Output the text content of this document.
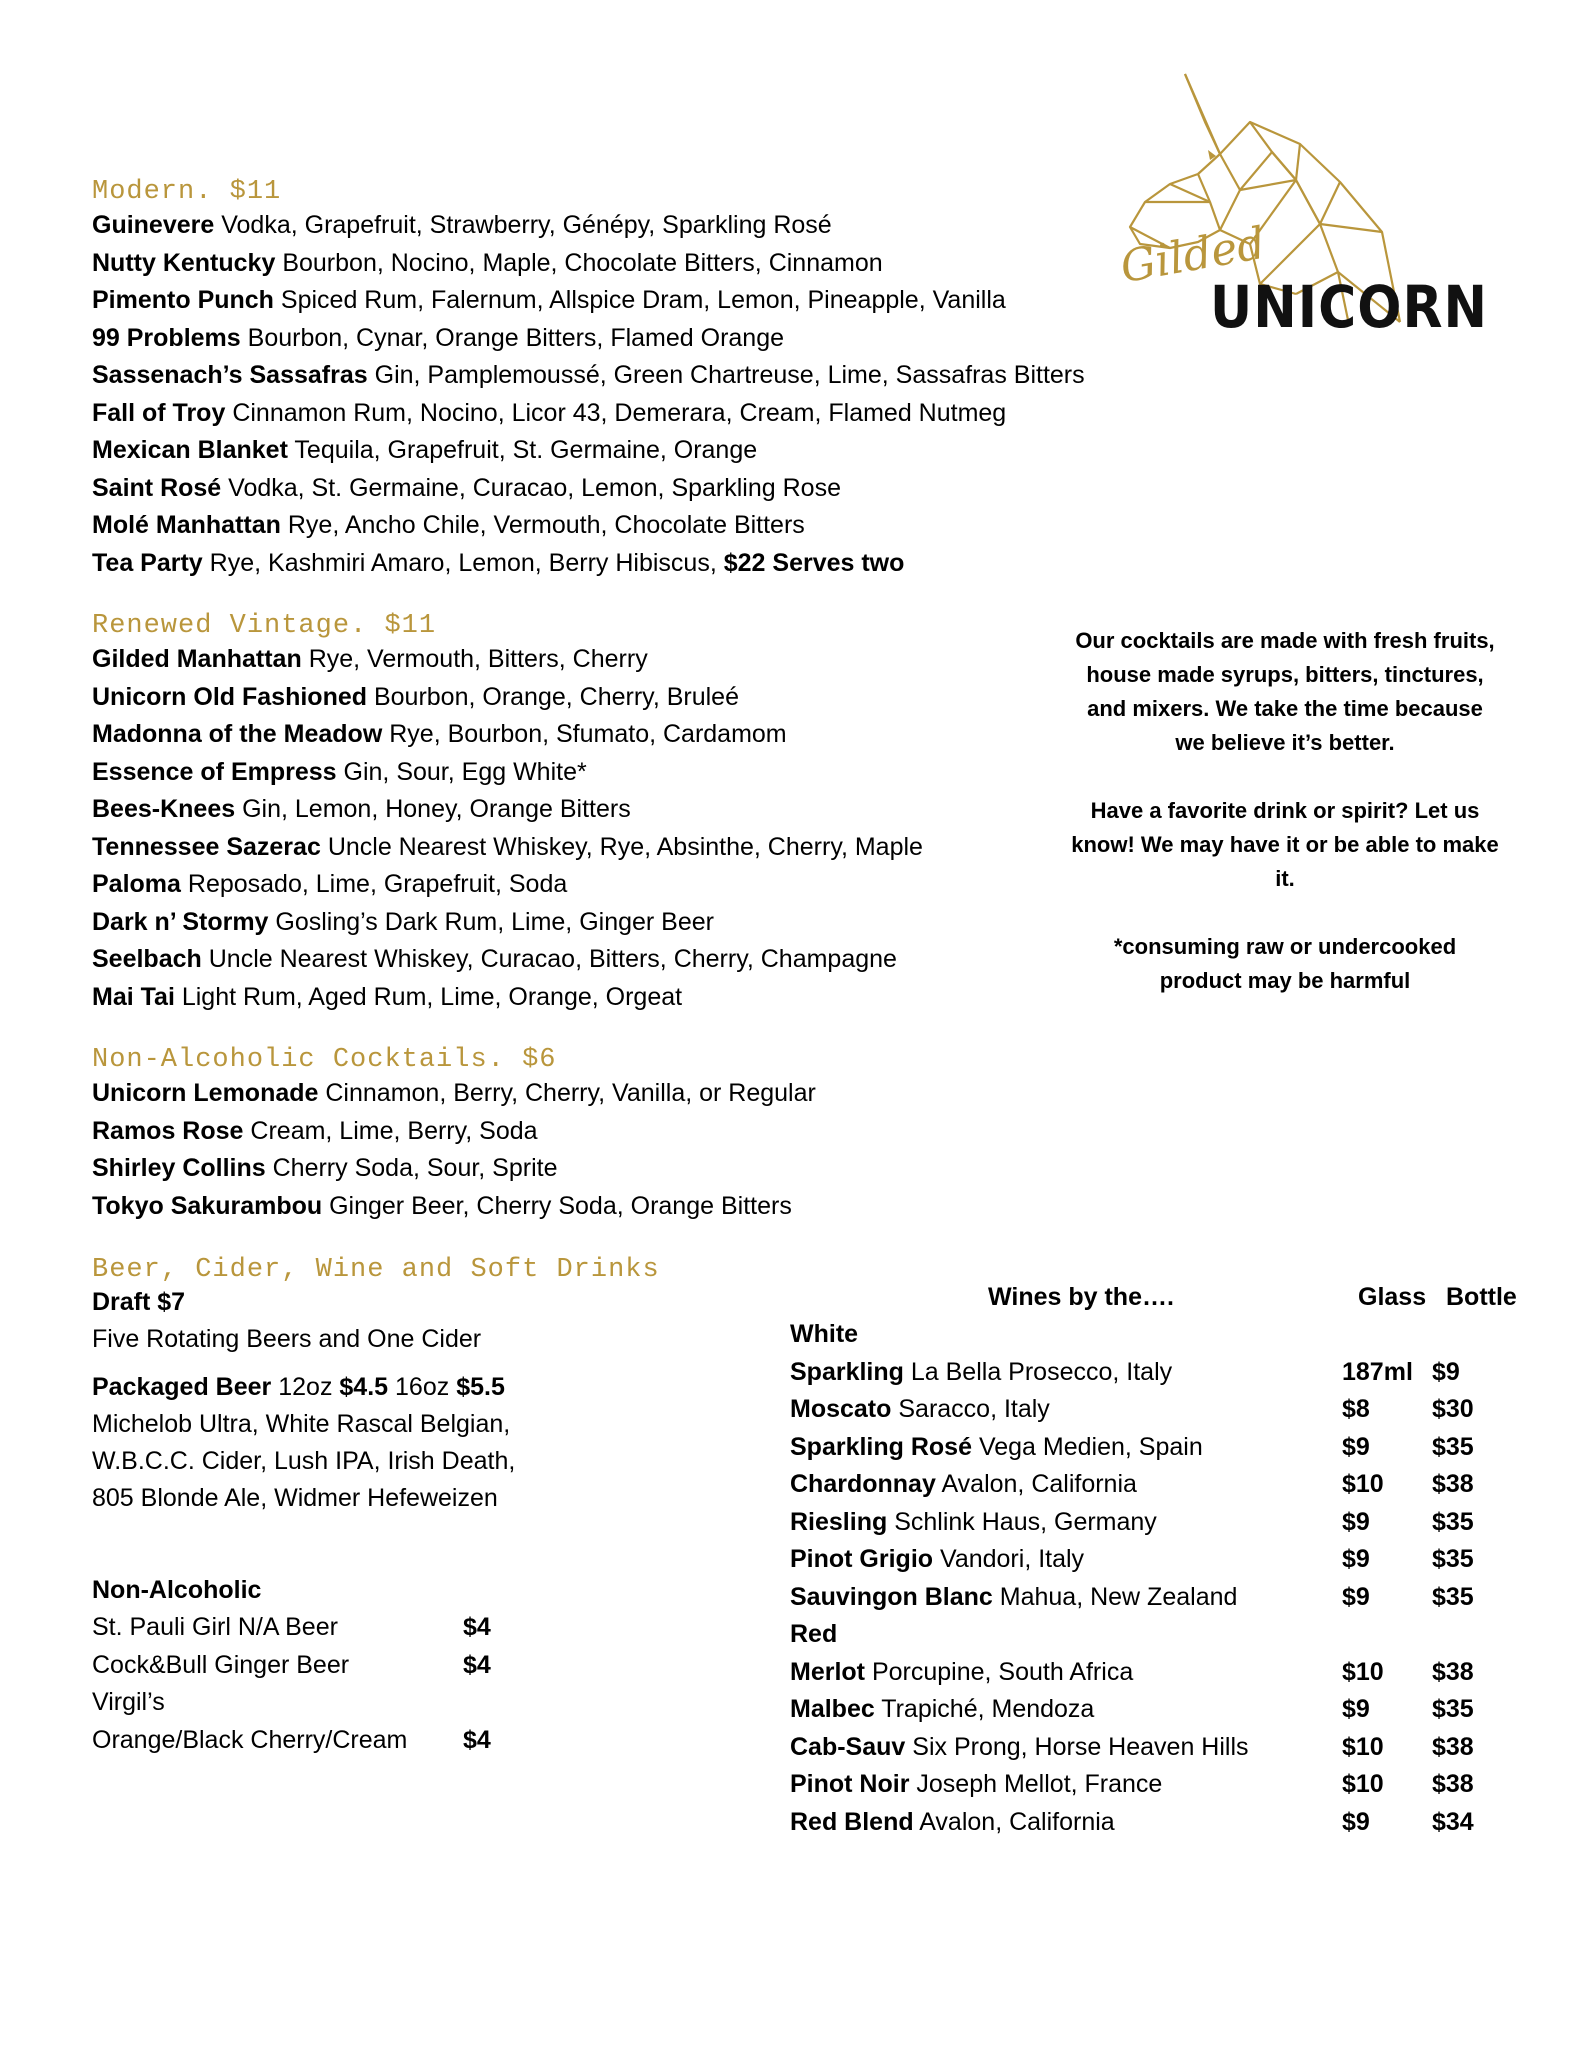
Gilded
UNICORN
Modern. $11
Guinevere Vodka, Grapefruit, Strawberry, Génépy, Sparkling Rosé
Nutty Kentucky Bourbon, Nocino, Maple, Chocolate Bitters, Cinnamon
Pimento Punch Spiced Rum, Falernum, Allspice Dram, Lemon, Pineapple, Vanilla
99 Problems Bourbon, Cynar, Orange Bitters, Flamed Orange
Sassenach’s Sassafras Gin, Pamplemoussé, Green Chartreuse, Lime, Sassafras Bitters
Fall of Troy Cinnamon Rum, Nocino, Licor 43, Demerara, Cream, Flamed Nutmeg
Mexican Blanket Tequila, Grapefruit, St. Germaine, Orange
Saint Rosé Vodka, St. Germaine, Curacao, Lemon, Sparkling Rose
Molé Manhattan Rye, Ancho Chile, Vermouth, Chocolate Bitters
Tea Party Rye, Kashmiri Amaro, Lemon, Berry Hibiscus, $22 Serves two
Renewed Vintage. $11
Gilded Manhattan Rye, Vermouth, Bitters, Cherry
Unicorn Old Fashioned Bourbon, Orange, Cherry, Bruleé
Madonna of the Meadow Rye, Bourbon, Sfumato, Cardamom
Essence of Empress Gin, Sour, Egg White*
Bees-Knees Gin, Lemon, Honey, Orange Bitters
Tennessee Sazerac Uncle Nearest Whiskey, Rye, Absinthe, Cherry, Maple
Paloma Reposado, Lime, Grapefruit, Soda
Dark n’ Stormy Gosling’s Dark Rum, Lime, Ginger Beer
Seelbach Uncle Nearest Whiskey, Curacao, Bitters, Cherry, Champagne
Mai Tai Light Rum, Aged Rum, Lime, Orange, Orgeat
Non-Alcoholic Cocktails. $6
Unicorn Lemonade Cinnamon, Berry, Cherry, Vanilla, or Regular
Ramos Rose Cream, Lime, Berry, Soda
Shirley Collins Cherry Soda, Sour, Sprite
Tokyo Sakurambou Ginger Beer, Cherry Soda, Orange Bitters

Our cocktails are made with fresh fruits, house made syrups, bitters, tinctures, and mixers. We take the time because we believe it’s better.

Have a favorite drink or spirit? Let us know! We may have it or be able to make it.

*consuming raw or undercooked product may be harmful

Beer, Cider, Wine and Soft Drinks
Draft $7
Five Rotating Beers and One Cider
Packaged Beer 12oz $4.5 16oz $5.5
Michelob Ultra, White Rascal Belgian,
W.B.C.C. Cider, Lush IPA, Irish Death,
805 Blonde Ale, Widmer Hefeweizen
Non-Alcoholic
St. Pauli Girl N/A Beer	$4
Cock&Bull Ginger Beer	$4
Virgil’s
Orange/Black Cherry/Cream $4
Wines by the….	Glass Bottle
White
Sparkling La Bella Prosecco, Italy	187ml $9
Moscato Saracco, Italy	$8 $30
Sparkling Rosé Vega Medien, Spain	$9 $35
Chardonnay Avalon, California	$10 $38
Riesling Schlink Haus, Germany	$9 $35
Pinot Grigio Vandori, Italy	$9 $35
Sauvingon Blanc Mahua, New Zealand	$9 $35
Red
Merlot Porcupine, South Africa	$10 $38
Malbec Trapiché, Mendoza	$9 $35
Cab-Sauv Six Prong, Horse Heaven Hills	$10 $38
Pinot Noir Joseph Mellot, France	$10 $38
Red Blend Avalon, California	$9 $34
